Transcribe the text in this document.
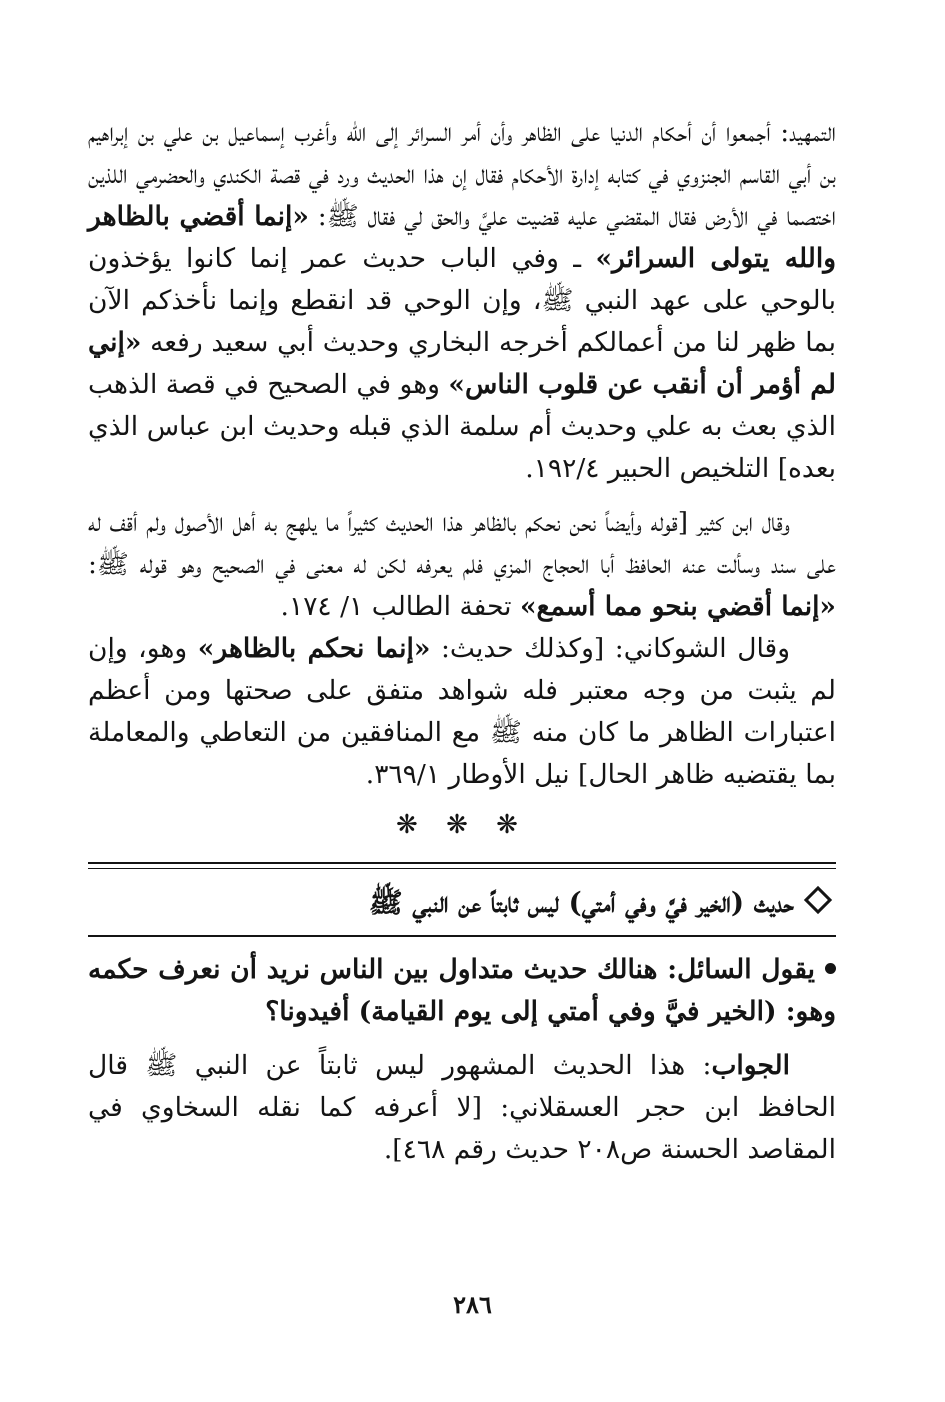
التمهيد: أجمعوا أن أحكام الدنيا على الظاهر وأن أمر السرائر إلى الله وأغرب إسماعيل بن علي بن إبراهيم بن أبي القاسم الجنزوي في كتابه إدارة الأحكام فقال إن هذا الحديث ورد في قصة الكندي والحضرمي اللذين اختصما في الأرض فقال المقضي عليه قضيت عليَّ والحق لي فقال ﷺ: «إنما أقضي بالظاهر والله يتولى السرائر» ـ وفي الباب حديث عمر إنما كانوا يؤخذون بالوحي على عهد النبي ﷺ، وإن الوحي قد انقطع وإنما نأخذكم الآن بما ظهر لنا من أعمالكم أخرجه البخاري وحديث أبي سعيد رفعه «إني لم أؤمر أن أنقب عن قلوب الناس» وهو في الصحيح في قصة الذهب الذي بعث به علي وحديث أم سلمة الذي قبله وحديث ابن عباس الذي بعده] التلخيص الحبير ١٩٢/٤.

وقال ابن كثير [قوله وأيضاً نحن نحكم بالظاهر هذا الحديث كثيراً ما يلهج به أهل الأصول ولم أقف له على سند وسألت عنه الحافظ أبا الحجاج المزي فلم يعرفه لكن له معنى في الصحيح وهو قوله ﷺ: «إنما أقضي بنحو مما أسمع» تحفة الطالب ١/ ١٧٤.

وقال الشوكاني: [وكذلك حديث: «إنما نحكم بالظاهر» وهو، وإن لم يثبت من وجه معتبر فله شواهد متفق على صحتها ومن أعظم اعتبارات الظاهر ما كان منه ﷺ مع المنافقين من التعاطي والمعاملة بما يقتضيه ظاهر الحال] نيل الأوطار ٣٦٩/١.

❋ ❋ ❋
حديث (الخير فيَّ وفي أمتي) ليس ثابتاً عن النبي ﷺ

يقول السائل: هنالك حديث متداول بين الناس نريد أن نعرف حكمه وهو: (الخير فيَّ وفي أمتي إلى يوم القيامة) أفيدونا؟

الجواب: هذا الحديث المشهور ليس ثابتاً عن النبي ﷺ قال الحافظ ابن حجر العسقلاني: [لا أعرفه كما نقله السخاوي في المقاصد الحسنة ص٢٠٨ حديث رقم ٤٦٨].

٢٨٦
